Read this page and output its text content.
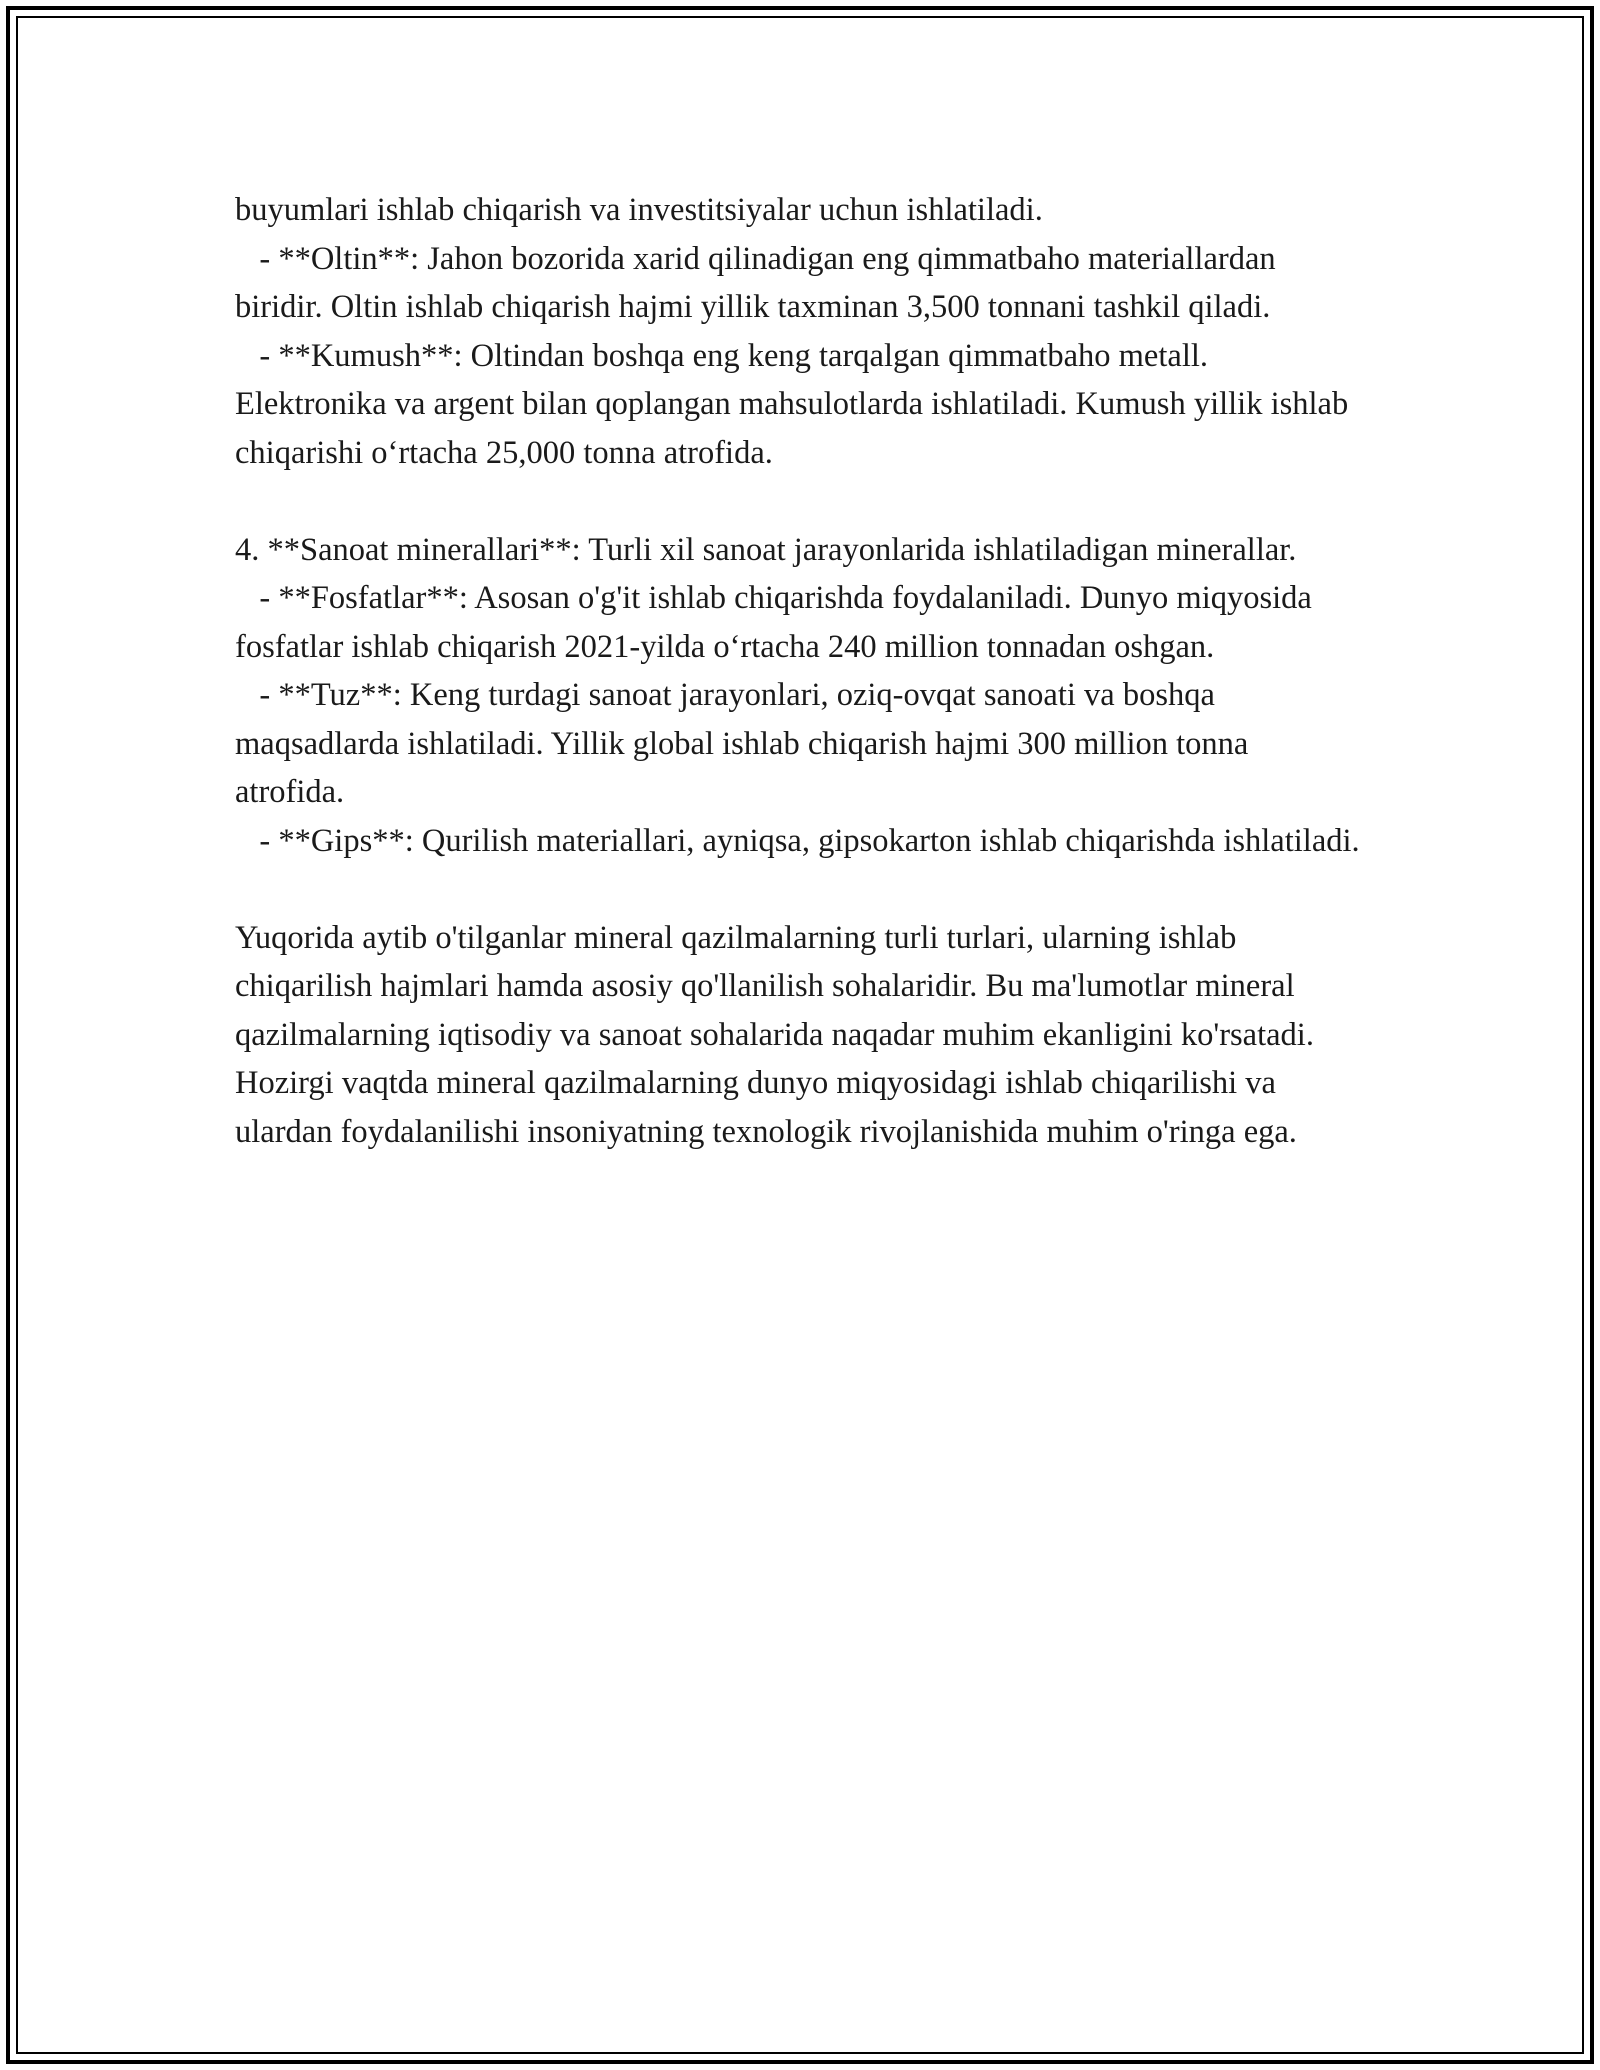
buyumlari ishlab chiqarish va investitsiyalar uchun ishlatiladi.

- **Oltin**: Jahon bozorida xarid qilinadigan eng qimmatbaho materiallardan biridir. Oltin ishlab chiqarish hajmi yillik taxminan 3,500 tonnani tashkil qiladi.

- **Kumush**: Oltindan boshqa eng keng tarqalgan qimmatbaho metall. Elektronika va argent bilan qoplangan mahsulotlarda ishlatiladi. Kumush yillik ishlab chiqarishi o‘rtacha 25,000 tonna atrofida.

4. **Sanoat minerallari**: Turli xil sanoat jarayonlarida ishlatiladigan minerallar.

- **Fosfatlar**: Asosan o'g'it ishlab chiqarishda foydalaniladi. Dunyo miqyosida fosfatlar ishlab chiqarish 2021-yilda o‘rtacha 240 million tonnadan oshgan.

- **Tuz**: Keng turdagi sanoat jarayonlari, oziq-ovqat sanoati va boshqa maqsadlarda ishlatiladi. Yillik global ishlab chiqarish hajmi 300 million tonna atrofida.

- **Gips**: Qurilish materiallari, ayniqsa, gipsokarton ishlab chiqarishda ishlatiladi.

Yuqorida aytib o'tilganlar mineral qazilmalarning turli turlari, ularning ishlab chiqarilish hajmlari hamda asosiy qo'llanilish sohalaridir. Bu ma'lumotlar mineral qazilmalarning iqtisodiy va sanoat sohalarida naqadar muhim ekanligini ko'rsatadi. Hozirgi vaqtda mineral qazilmalarning dunyo miqyosidagi ishlab chiqarilishi va ulardan foydalanilishi insoniyatning texnologik rivojlanishida muhim o'ringa ega.
